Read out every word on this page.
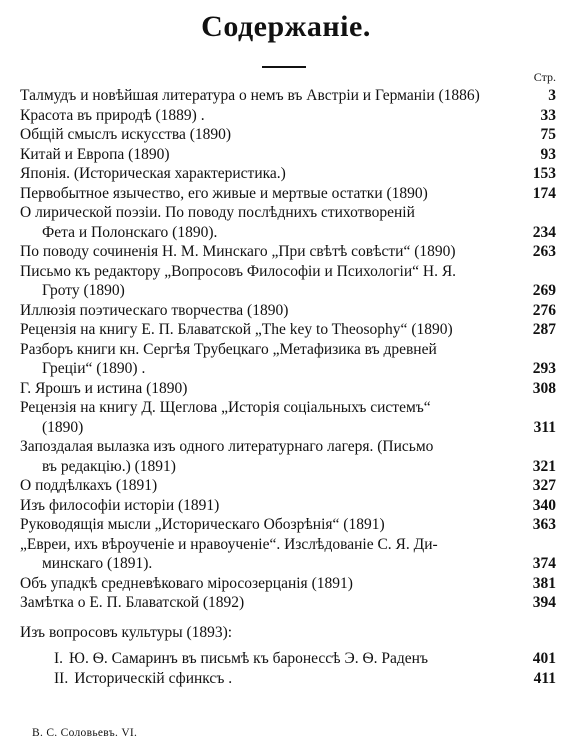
Содержаніе.
Стр.
Талмудъ и новѣйшая литература о немъ въ Австріи и Германіи (1886)	3
Красота въ природѣ (1889) .	33
Общій смыслъ искусства (1890)	75
Китай и Европа (1890)	93
Японія. (Историческая характеристика.)	153
Первобытное язычество, его живые и мертвые остатки (1890)	174
О лирической поэзіи. По поводу послѣднихъ стихотвореній
Фета и Полонскаго (1890).	234
По поводу сочиненія Н. М. Минскаго „При свѣтѣ совѣсти“ (1890)	263
Письмо къ редактору „Вопросовъ Философіи и Психологіи“ Н. Я.
Гроту (1890)	269
Иллюзія поэтическаго творчества (1890)	276
Рецензія на книгу Е. П. Блаватской „The key to Theosophy“ (1890)	287
Разборъ книги кн. Сергѣя Трубецкаго „Метафизика въ древней
Греціи“ (1890) .	293
Г. Ярошъ и истина (1890)	308
Рецензія на книгу Д. Щеглова „Исторія соціальныхъ системъ“
(1890)	311
Запоздалая вылазка изъ одного литературнаго лагеря. (Письмо
въ редакцію.) (1891)	321
О поддѣлкахъ (1891)	327
Изъ философіи исторіи (1891)	340
Руководящія мысли „Историческаго Обозрѣнія“ (1891)	363
„Евреи, ихъ вѣроученіе и нравоученіе“. Изслѣдованіе С. Я. Ди-
минскаго (1891).	374
Объ упадкѣ средневѣковаго міросозерцанія (1891)	381
Замѣтка о Е. П. Блаватской (1892)	394
Изъ вопросовъ культуры (1893):
I. Ю. Ѳ. Самаринъ въ письмѣ къ баронессѣ Э. Ѳ. Раденъ	401
II. Историческій сфинксъ .	411
В. С. Соловьевъ. VI.
